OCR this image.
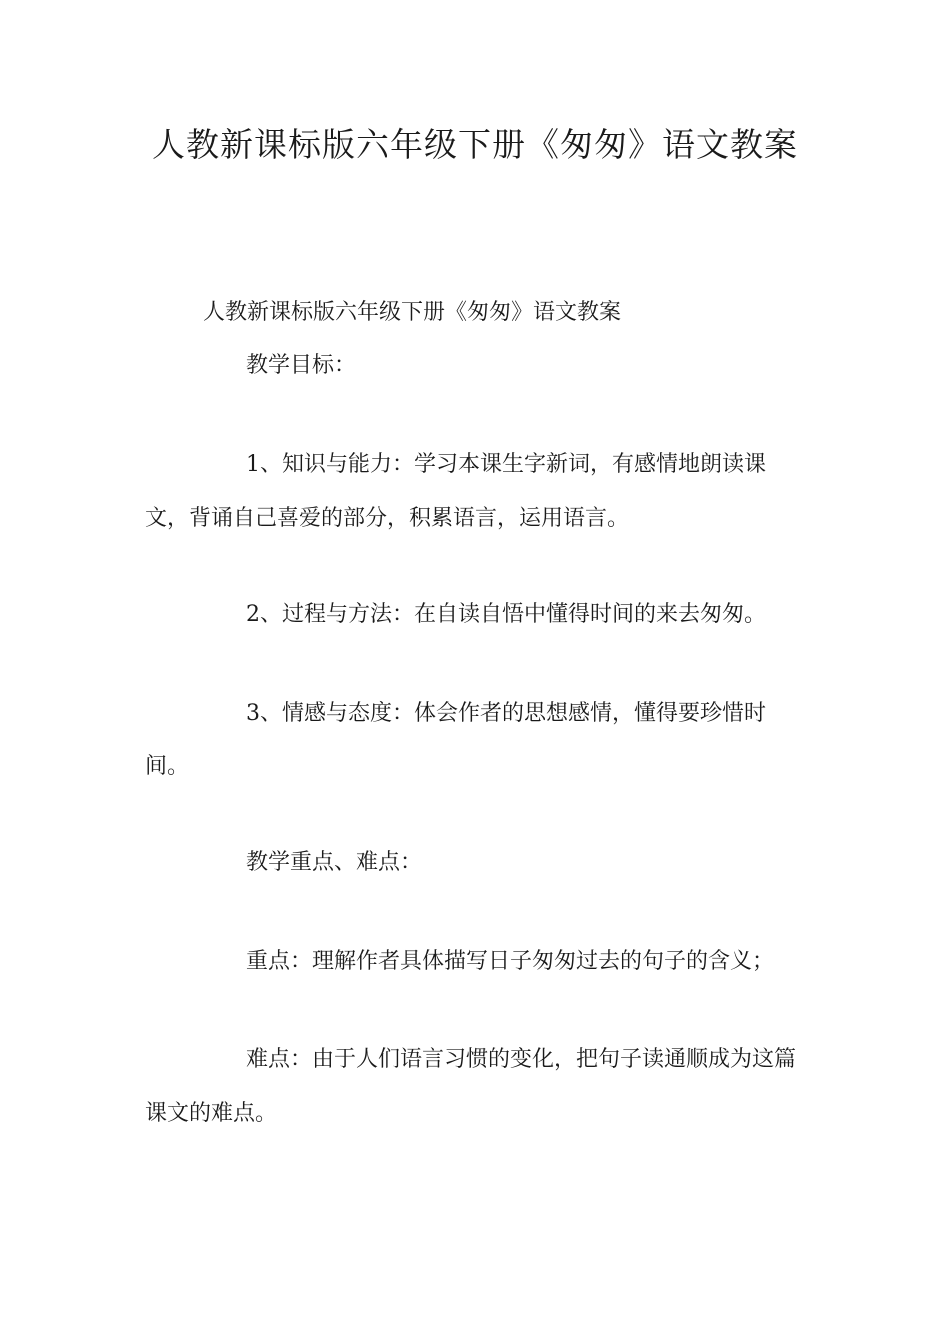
人教新课标版六年级下册《匆匆》语文教案
人教新课标版六年级下册《匆匆》语文教案
教学目标：
1、知识与能力：学习本课生字新词，有感情地朗读课
文，背诵自己喜爱的部分，积累语言，运用语言。
2、过程与方法：在自读自悟中懂得时间的来去匆匆。
3、情感与态度：体会作者的思想感情，懂得要珍惜时
间。
教学重点、难点：
重点：理解作者具体描写日子匆匆过去的句子的含义；
难点：由于人们语言习惯的变化，把句子读通顺成为这篇
课文的难点。
